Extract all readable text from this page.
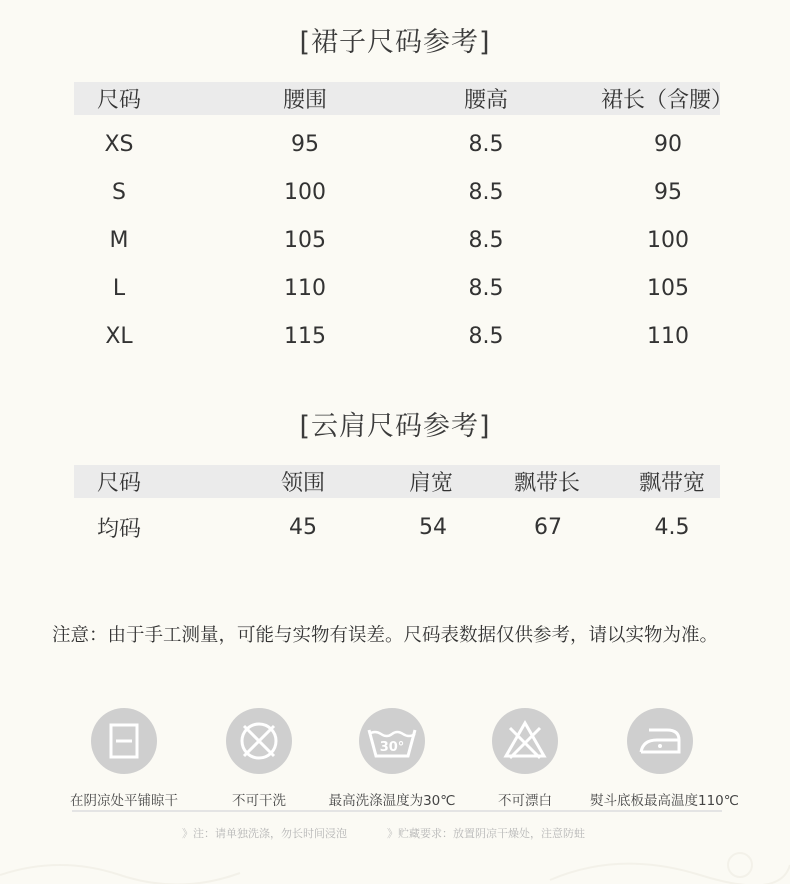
[裙子尺码参考]
尺码	腰围	腰高	裙长（含腰）
XS	95	8.5	90
S	100	8.5	95
M	105	8.5	100
L	110	8.5	105
XL	115	8.5	110
[云肩尺码参考]
尺码	领围	肩宽	飘带长	飘带宽
均码	45	54	67	4.5
注意：由于手工测量，可能与实物有误差。尺码表数据仅供参考，请以实物为准。
在阴凉处平铺晾干	不可干洗
30°
最高洗涤温度为30℃	不可漂白	熨斗底板最高温度110℃
》注：请单独洗涤，勿长时间浸泡	》贮藏要求：放置阴凉干燥处，注意防蛀
